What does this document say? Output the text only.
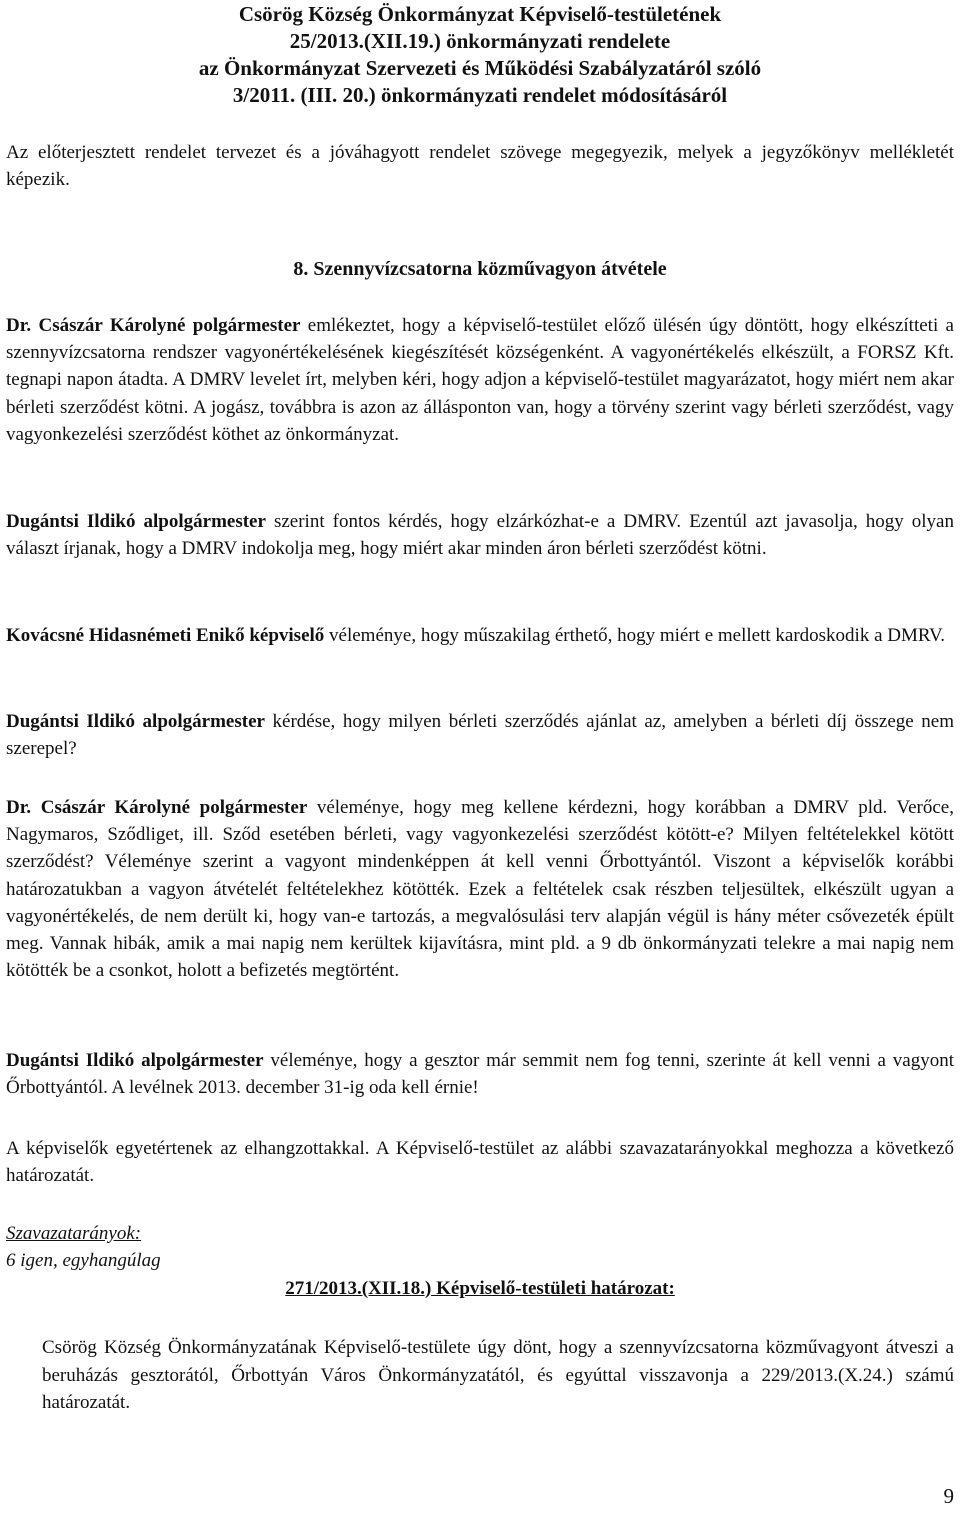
Csörög Község Önkormányzat Képviselő-testületének
25/2013.(XII.19.) önkormányzati rendelete
az Önkormányzat Szervezeti és Működési Szabályzatáról szóló
3/2011. (III. 20.) önkormányzati rendelet módosításáról
Az előterjesztett rendelet tervezet és a jóváhagyott rendelet szövege megegyezik, melyek a jegyzőkönyv mellékletét képezik.
8. Szennyvízcsatorna közművagyon átvétele
Dr. Császár Károlyné polgármester emlékeztet, hogy a képviselő-testület előző ülésén úgy döntött, hogy elkészítteti a szennyvízcsatorna rendszer vagyonértékelésének kiegészítését községenként. A vagyonértékelés elkészült, a FORSZ Kft. tegnapi napon átadta. A DMRV levelet írt, melyben kéri, hogy adjon a képviselő-testület magyarázatot, hogy miért nem akar bérleti szerződést kötni. A jogász, továbbra is azon az állásponton van, hogy a törvény szerint vagy bérleti szerződést, vagy vagyonkezelési szerződést köthet az önkormányzat.
Dugántsi Ildikó alpolgármester szerint fontos kérdés, hogy elzárkózhat-e a DMRV. Ezentúl azt javasolja, hogy olyan választ írjanak, hogy a DMRV indokolja meg, hogy miért akar minden áron bérleti szerződést kötni.
Kovácsné Hidasnémeti Enikő képviselő véleménye, hogy műszakilag érthető, hogy miért e mellett kardoskodik a DMRV.
Dugántsi Ildikó alpolgármester kérdése, hogy milyen bérleti szerződés ajánlat az, amelyben a bérleti díj összege nem szerepel?
Dr. Császár Károlyné polgármester véleménye, hogy meg kellene kérdezni, hogy korábban a DMRV pld. Verőce, Nagymaros, Sződliget, ill. Sződ esetében bérleti, vagy vagyonkezelési szerződést kötött-e? Milyen feltételekkel kötött szerződést? Véleménye szerint a vagyont mindenképpen át kell venni Őrbottyántól. Viszont a képviselők korábbi határozatukban a vagyon átvételét feltételekhez kötötték. Ezek a feltételek csak részben teljesültek, elkészült ugyan a vagyonértékelés, de nem derült ki, hogy van-e tartozás, a megvalósulási terv alapján végül is hány méter csővezeték épült meg. Vannak hibák, amik a mai napig nem kerültek kijavításra, mint pld. a 9 db önkormányzati telekre a mai napig nem kötötték be a csonkot, holott a befizetés megtörtént.
Dugántsi Ildikó alpolgármester véleménye, hogy a gesztor már semmit nem fog tenni, szerinte át kell venni a vagyont Őrbottyántól. A levélnek 2013. december 31-ig oda kell érnie!
A képviselők egyetértenek az elhangzottakkal. A Képviselő-testület az alábbi szavazatarányokkal meghozza a következő határozatát.
Szavazatarányok:
6 igen, egyhangúlag
271/2013.(XII.18.) Képviselő-testületi határozat:
Csörög Község Önkormányzatának Képviselő-testülete úgy dönt, hogy a szennyvízcsatorna közművagyont átveszi a beruházás gesztorától, Őrbottyán Város Önkormányzatától, és egyúttal visszavonja a 229/2013.(X.24.) számú határozatát.
9
